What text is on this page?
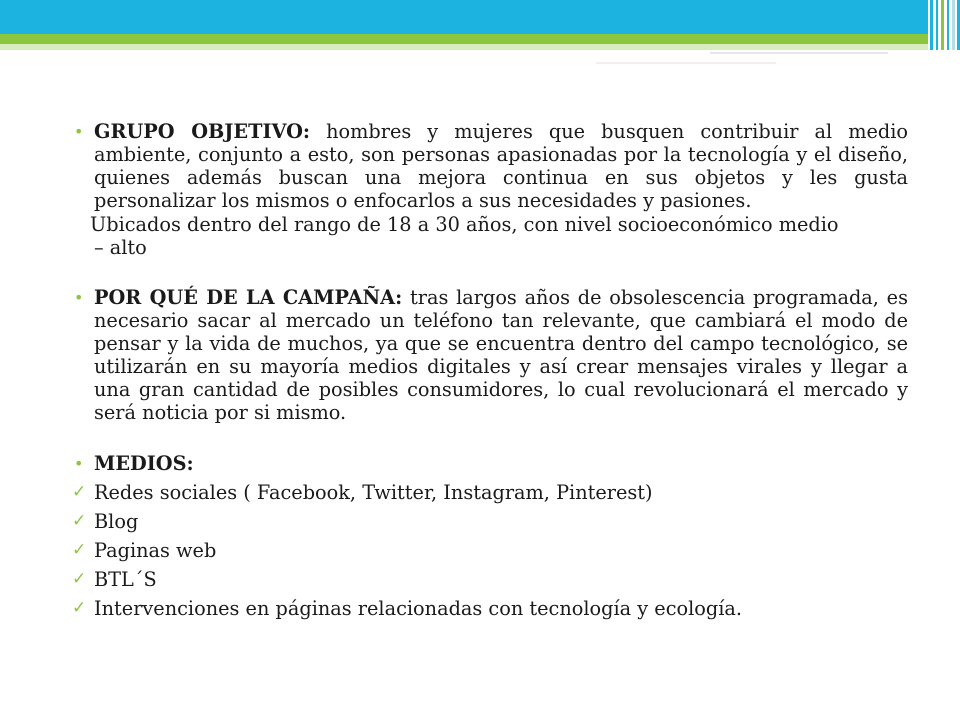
• GRUPO OBJETIVO: hombres y mujeres que busquen contribuir al medio ambiente, conjunto a esto, son personas apasionadas por la tecnología y el diseño, quienes además buscan una mejora continua en sus objetos y les gusta personalizar los mismos o enfocarlos a sus necesidades y pasiones.
Ubicados dentro del rango de 18 a 30 años, con nivel socioeconómico medio
– alto
• POR QUÉ DE LA CAMPAÑA: tras largos años de obsolescencia programada, es necesario sacar al mercado un teléfono tan relevante, que cambiará el modo de pensar y la vida de muchos, ya que se encuentra dentro del campo tecnológico, se utilizarán en su mayoría medios digitales y así crear mensajes virales y llegar a una gran cantidad de posibles consumidores, lo cual revolucionará el mercado y será noticia por si mismo.
• MEDIOS:
✓ Redes sociales ( Facebook, Twitter, Instagram, Pinterest)
✓ Blog
✓ Paginas web
✓ BTL´S
✓ Intervenciones en páginas relacionadas con tecnología y ecología.
